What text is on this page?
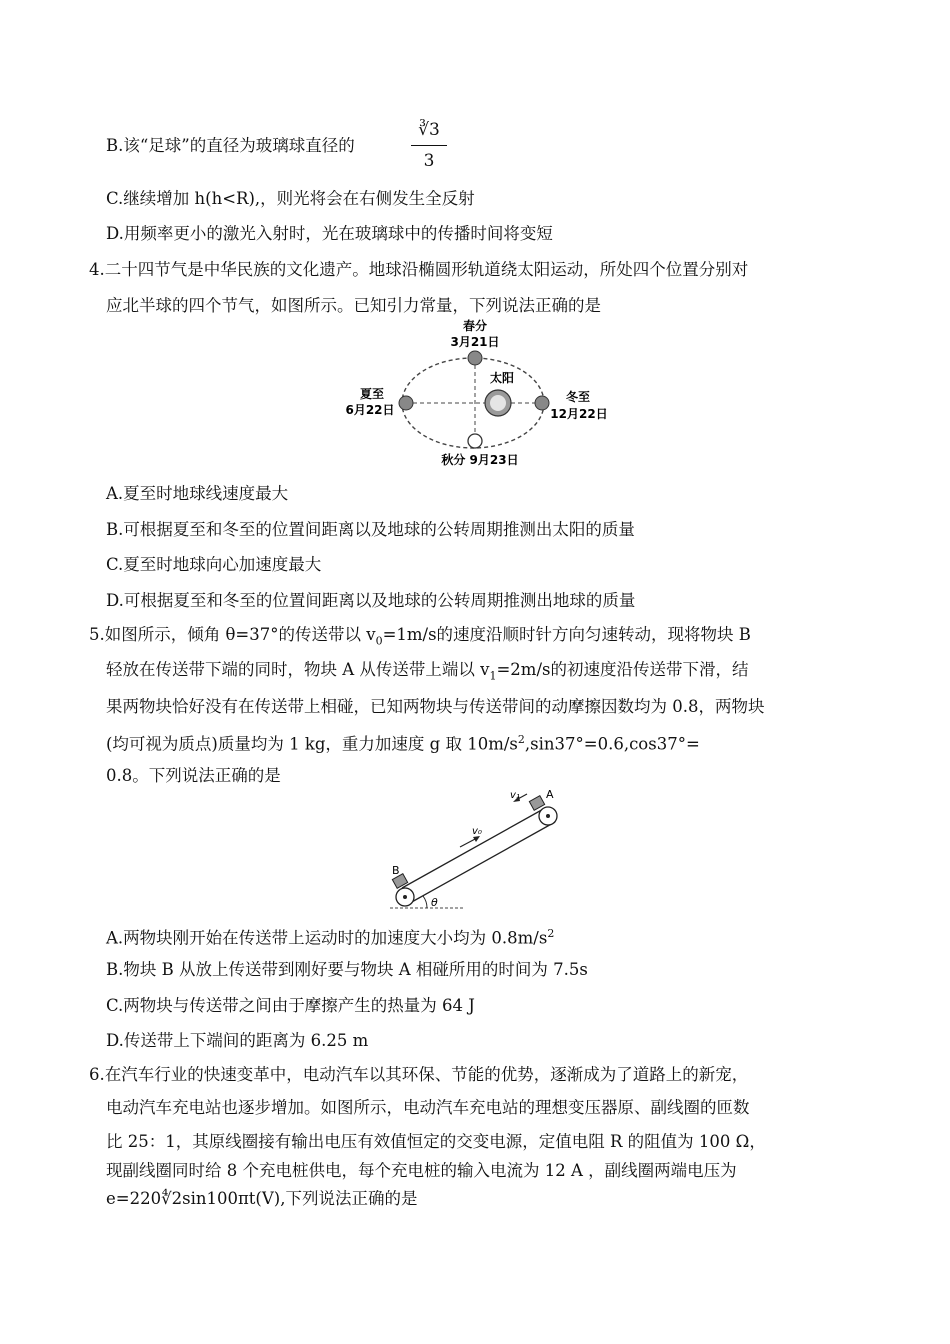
B.该“足球”的直径为玻璃球直径的
∛3
3
C.继续增加 h(h<R),，则光将会在右侧发生全反射
D.用频率更小的激光入射时，光在玻璃球中的传播时间将变短
4.二十四节气是中华民族的文化遗产。地球沿椭圆形轨道绕太阳运动，所处四个位置分别对
应北半球的四个节气，如图所示。已知引力常量，下列说法正确的是
春分
3月21日
太阳
夏至
6月22日
冬至
12月22日
秋分 9月23日
A.夏至时地球线速度最大
B.可根据夏至和冬至的位置间距离以及地球的公转周期推测出太阳的质量
C.夏至时地球向心加速度最大
D.可根据夏至和冬至的位置间距离以及地球的公转周期推测出地球的质量
5.如图所示，倾角 θ=37°的传送带以 $v_0=1m/s$的速度沿顺时针方向匀速转动，现将物块 B
轻放在传送带下端的同时，物块 A 从传送带上端以 $v_1=2m/s$的初速度沿传送带下滑，结
果两物块恰好没有在传送带上相碰，已知两物块与传送带间的动摩擦因数均为 0.8，两物块
(均可视为质点)质量均为 1 kg，重力加速度 g 取 $10m/s^2,\sin 37^\circ=0.6,\cos 37^\circ=$
0.8。下列说法正确的是
v₁ A
v₀
B
θ
A.两物块刚开始在传送带上运动时的加速度大小均为 $0.8m/s^2$
B.物块 B 从放上传送带到刚好要与物块 A 相碰所用的时间为 7.5s
C.两物块与传送带之间由于摩擦产生的热量为 64 J
D.传送带上下端间的距离为 6.25 m
6.在汽车行业的快速变革中，电动汽车以其环保、节能的优势，逐渐成为了道路上的新宠，
电动汽车充电站也逐步增加。如图所示，电动汽车充电站的理想变压器原、副线圈的匝数
比 25：1，其原线圈接有输出电压有效值恒定的交变电源，定值电阻 R 的阻值为 100 Ω，
现副线圈同时给 8 个充电桩供电，每个充电桩的输入电流为 12 A ，副线圈两端电压为
e=220∜2sin100πt(V),下列说法正确的是
